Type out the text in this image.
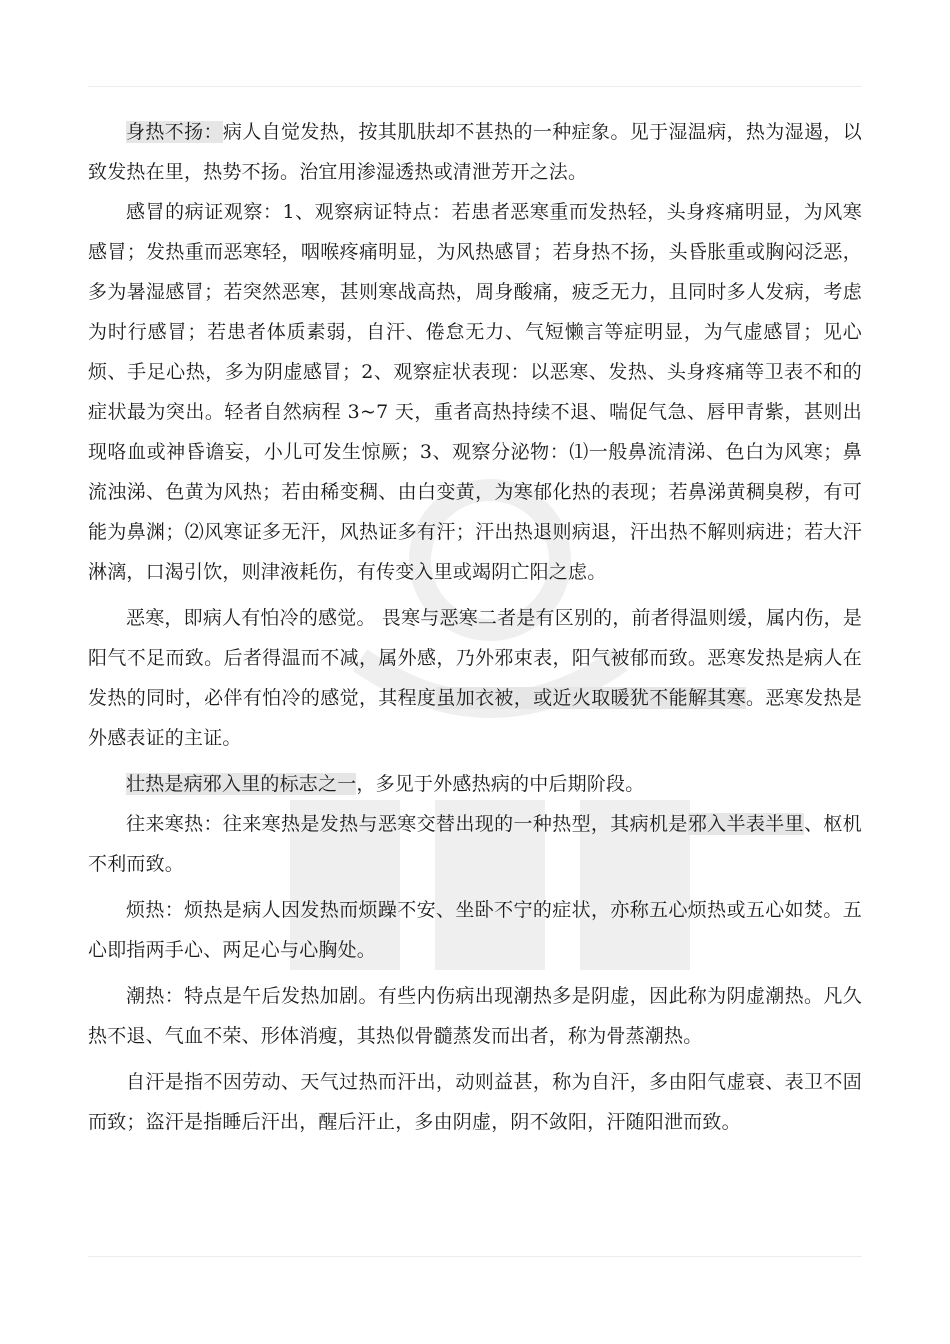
身热不扬：病人自觉发热，按其肌肤却不甚热的一种症象。见于湿温病，热为湿遏，以致发热在里，热势不扬。治宜用渗湿透热或清泄芳开之法。

感冒的病证观察：1、观察病证特点：若患者恶寒重而发热轻，头身疼痛明显，为风寒感冒；发热重而恶寒轻，咽喉疼痛明显，为风热感冒；若身热不扬，头昏胀重或胸闷泛恶，多为暑湿感冒；若突然恶寒，甚则寒战高热，周身酸痛，疲乏无力，且同时多人发病，考虑为时行感冒；若患者体质素弱，自汗、倦怠无力、气短懒言等症明显，为气虚感冒；见心烦、手足心热，多为阴虚感冒；2、观察症状表现：以恶寒、发热、头身疼痛等卫表不和的症状最为突出。轻者自然病程 3~7 天，重者高热持续不退、喘促气急、唇甲青紫，甚则出现咯血或神昏谵妄，小儿可发生惊厥；3、观察分泌物：⑴一般鼻流清涕、色白为风寒；鼻流浊涕、色黄为风热；若由稀变稠、由白变黄，为寒郁化热的表现；若鼻涕黄稠臭秽，有可能为鼻渊；⑵风寒证多无汗，风热证多有汗；汗出热退则病退，汗出热不解则病进；若大汗淋漓，口渴引饮，则津液耗伤，有传变入里或竭阴亡阳之虑。

恶寒，即病人有怕冷的感觉。 畏寒与恶寒二者是有区别的，前者得温则缓，属内伤，是阳气不足而致。后者得温而不减，属外感，乃外邪束表，阳气被郁而致。恶寒发热是病人在发热的同时，必伴有怕冷的感觉，其程度虽加衣被，或近火取暖犹不能解其寒。恶寒发热是外感表证的主证。

壮热是病邪入里的标志之一，多见于外感热病的中后期阶段。

往来寒热：往来寒热是发热与恶寒交替出现的一种热型，其病机是邪入半表半里、枢机不利而致。

烦热：烦热是病人因发热而烦躁不安、坐卧不宁的症状，亦称五心烦热或五心如焚。五心即指两手心、两足心与心胸处。

潮热：特点是午后发热加剧。有些内伤病出现潮热多是阴虚，因此称为阴虚潮热。凡久热不退、气血不荣、形体消瘦，其热似骨髓蒸发而出者，称为骨蒸潮热。

自汗是指不因劳动、天气过热而汗出，动则益甚，称为自汗，多由阳气虚衰、表卫不固而致；盗汗是指睡后汗出，醒后汗止，多由阴虚，阴不敛阳，汗随阳泄而致。
